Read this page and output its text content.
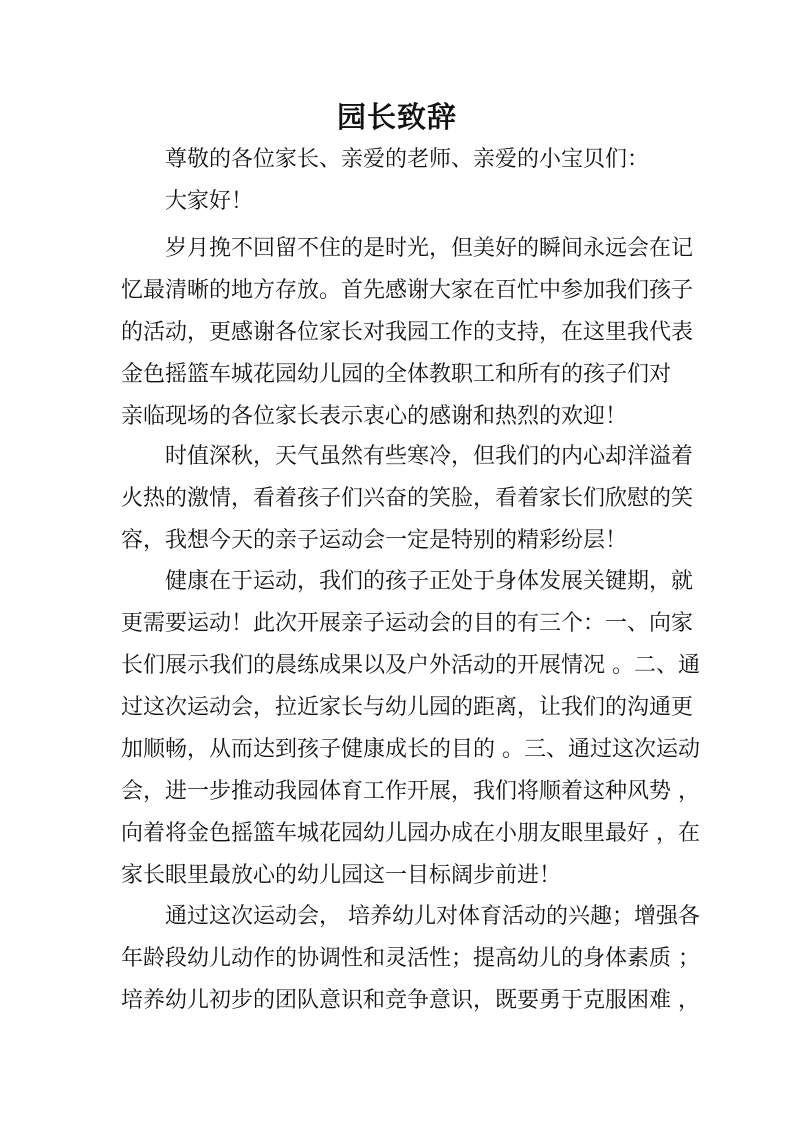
园长致辞
尊敬的各位家长、亲爱的老师、亲爱的小宝贝们：
大家好！
岁月挽不回留不住的是时光，但美好的瞬间永远会在记
忆最清晰的地方存放。首先感谢大家在百忙中参加我们孩子
的活动，更感谢各位家长对我园工作的支持，在这里我代表
金色摇篮车城花园幼儿园的全体教职工和所有的孩子们对
亲临现场的各位家长表示衷心的感谢和热烈的欢迎！
时值深秋，天气虽然有些寒冷，但我们的内心却洋溢着
火热的激情，看着孩子们兴奋的笑脸，看着家长们欣慰的笑
容，我想今天的亲子运动会一定是特别的精彩纷层！
健康在于运动，我们的孩子正处于身体发展关键期，就
更需要运动！此次开展亲子运动会的目的有三个：一、向家
长们展示我们的晨练成果以及户外活动的开展情况 。二、通
过这次运动会，拉近家长与幼儿园的距离，让我们的沟通更
加顺畅，从而达到孩子健康成长的目的 。三、通过这次运动
会，进一步推动我园体育工作开展，我们将顺着这种风势 ，
向着将金色摇篮车城花园幼儿园办成在小朋友眼里最好 ，在
家长眼里最放心的幼儿园这一目标阔步前进！
通过这次运动会， 培养幼儿对体育活动的兴趣；增强各
年龄段幼儿动作的协调性和灵活性；提高幼儿的身体素质 ；
培养幼儿初步的团队意识和竞争意识，既要勇于克服困难 ，
